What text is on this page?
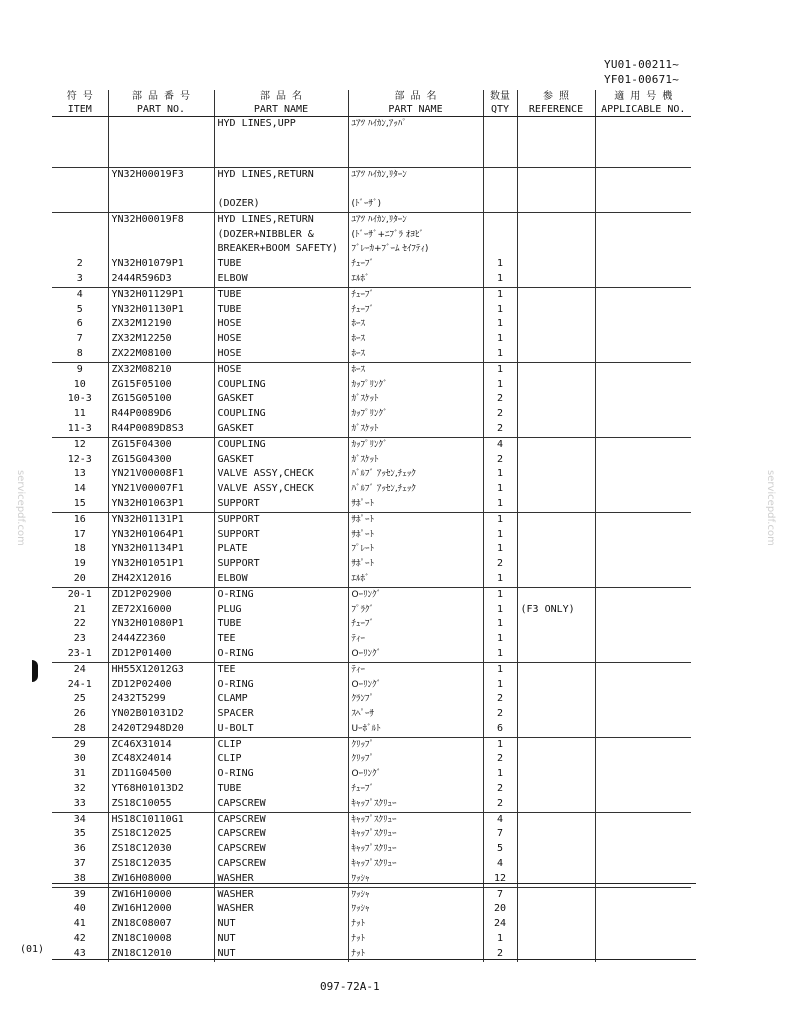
YU01-00211~
YF01-00671~
符 号	部 品 番 号	部 品 名	部 品 名	数量	参 照	適 用 号 機
ITEM	PART NO.	PART NAME	PART NAME	QTY	REFERENCE	APPLICABLE NO.
		HYD LINES,UPP	ﾕｱﾂ ﾊｲｶﾝ,ｱｯﾊﾟ			
	YN32H00019F3	HYD LINES,RETURN	ﾕｱﾂ ﾊｲｶﾝ,ﾘﾀｰﾝ			
		(DOZER)	(ﾄﾞｰｻﾞ)			
	YN32H00019F8	HYD LINES,RETURN	ﾕｱﾂ ﾊｲｶﾝ,ﾘﾀｰﾝ			
		(DOZER+NIBBLER &	(ﾄﾞｰｻﾞ+ﾆﾌﾞﾗ ｵﾖﾋﾞ			
		BREAKER+BOOM SAFETY)	ﾌﾞﾚｰｶ+ﾌﾞｰﾑ ｾｲﾌﾃｨ)			
2	YN32H01079P1	TUBE	ﾁｭｰﾌﾞ	1		
3	2444R596D3	ELBOW	ｴﾙﾎﾞ	1		
4	YN32H01129P1	TUBE	ﾁｭｰﾌﾞ	1		
5	YN32H01130P1	TUBE	ﾁｭｰﾌﾞ	1		
6	ZX32M12190	HOSE	ﾎｰｽ	1		
7	ZX32M12250	HOSE	ﾎｰｽ	1		
8	ZX22M08100	HOSE	ﾎｰｽ	1		
9	ZX32M08210	HOSE	ﾎｰｽ	1		
10	ZG15F05100	COUPLING	ｶｯﾌﾟﾘﾝｸﾞ	1		
10-3	ZG15G05100	GASKET	ｶﾞｽｹｯﾄ	2		
11	R44P0089D6	COUPLING	ｶｯﾌﾟﾘﾝｸﾞ	2		
11-3	R44P0089D8S3	GASKET	ｶﾞｽｹｯﾄ	2		
12	ZG15F04300	COUPLING	ｶｯﾌﾟﾘﾝｸﾞ	4		
12-3	ZG15G04300	GASKET	ｶﾞｽｹｯﾄ	2		
13	YN21V00008F1	VALVE ASSY,CHECK	ﾊﾞﾙﾌﾞ ｱｯｾﾝ,ﾁｪｯｸ	1		
14	YN21V00007F1	VALVE ASSY,CHECK	ﾊﾞﾙﾌﾞ ｱｯｾﾝ,ﾁｪｯｸ	1		
15	YN32H01063P1	SUPPORT	ｻﾎﾟｰﾄ	1		
16	YN32H01131P1	SUPPORT	ｻﾎﾟｰﾄ	1		
17	YN32H01064P1	SUPPORT	ｻﾎﾟｰﾄ	1		
18	YN32H01134P1	PLATE	ﾌﾟﾚｰﾄ	1		
19	YN32H01051P1	SUPPORT	ｻﾎﾟｰﾄ	2		
20	ZH42X12016	ELBOW	ｴﾙﾎﾞ	1		
20-1	ZD12P02900	O-RING	Oｰﾘﾝｸﾞ	1		
21	ZE72X16000	PLUG	ﾌﾟﾗｸﾞ	1	(F3 ONLY)	
22	YN32H01080P1	TUBE	ﾁｭｰﾌﾞ	1		
23	2444Z2360	TEE	ﾃｨｰ	1		
23-1	ZD12P01400	O-RING	Oｰﾘﾝｸﾞ	1		
24	HH55X12012G3	TEE	ﾃｨｰ	1		
24-1	ZD12P02400	O-RING	Oｰﾘﾝｸﾞ	1		
25	2432T5299	CLAMP	ｸﾗﾝﾌﾟ	2		
26	YN02B01031D2	SPACER	ｽﾍﾟｰｻ	2		
28	2420T2948D20	U-BOLT	Uｰﾎﾞﾙﾄ	6		
29	ZC46X31014	CLIP	ｸﾘｯﾌﾟ	1		
30	ZC48X24014	CLIP	ｸﾘｯﾌﾟ	2		
31	ZD11G04500	O-RING	Oｰﾘﾝｸﾞ	1		
32	YT68H01013D2	TUBE	ﾁｭｰﾌﾞ	2		
33	ZS18C10055	CAPSCREW	ｷｬｯﾌﾟｽｸﾘｭｰ	2		
34	HS18C10110G1	CAPSCREW	ｷｬｯﾌﾟｽｸﾘｭｰ	4		
35	ZS18C12025	CAPSCREW	ｷｬｯﾌﾟｽｸﾘｭｰ	7		
36	ZS18C12030	CAPSCREW	ｷｬｯﾌﾟｽｸﾘｭｰ	5		
37	ZS18C12035	CAPSCREW	ｷｬｯﾌﾟｽｸﾘｭｰ	4		
38	ZW16H08000	WASHER	ﾜｯｼｬ	12		
39	ZW16H10000	WASHER	ﾜｯｼｬ	7		
40	ZW16H12000	WASHER	ﾜｯｼｬ	20		
41	ZN18C08007	NUT	ﾅｯﾄ	24		
42	ZN18C10008	NUT	ﾅｯﾄ	1		
43	ZN18C12010	NUT	ﾅｯﾄ	2		
(01)
097-72A-1
servicepdf.com	servicepdf.com
